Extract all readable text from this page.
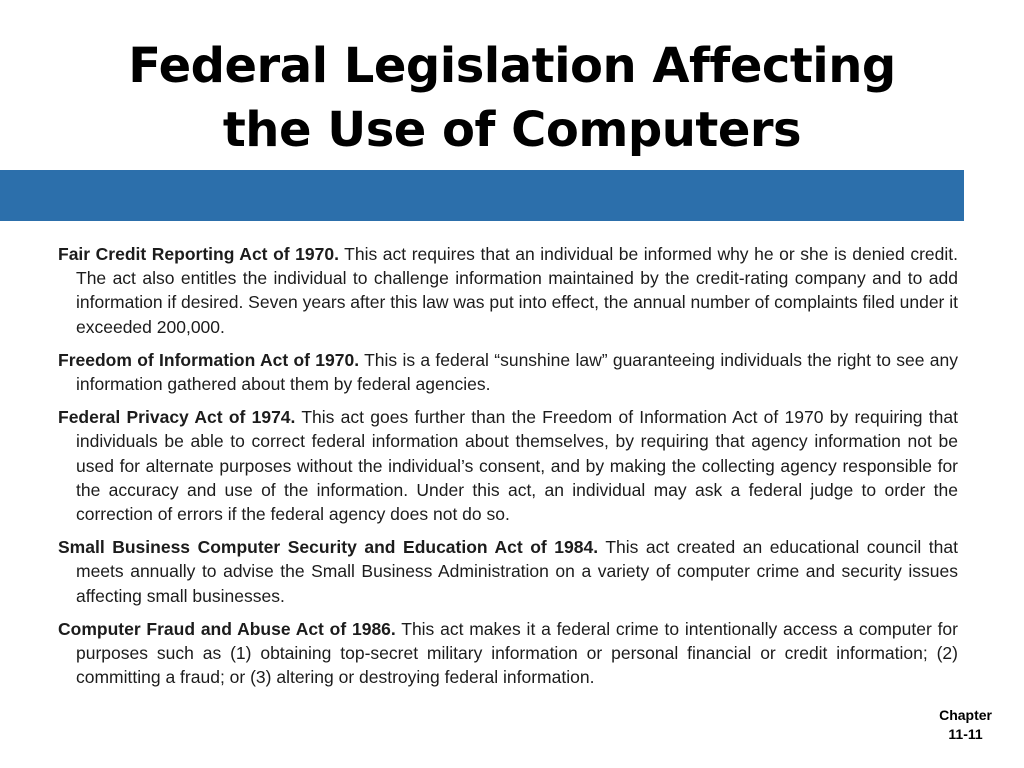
Federal Legislation Affecting
the Use of Computers

Fair Credit Reporting Act of 1970. This act requires that an individual be informed why he or she is denied credit. The act also entitles the individual to challenge information maintained by the credit-rating company and to add information if desired. Seven years after this law was put into effect, the annual number of complaints filed under it exceeded 200,000.

Freedom of Information Act of 1970. This is a federal “sunshine law” guaranteeing individuals the right to see any information gathered about them by federal agencies.

Federal Privacy Act of 1974. This act goes further than the Freedom of Information Act of 1970 by requiring that individuals be able to correct federal information about themselves, by requiring that agency information not be used for alternate purposes without the individual’s consent, and by making the collecting agency responsible for the accuracy and use of the information. Under this act, an individual may ask a federal judge to order the correction of errors if the federal agency does not do so.

Small Business Computer Security and Education Act of 1984. This act created an educational council that meets annually to advise the Small Business Administration on a variety of computer crime and security issues affecting small businesses.

Computer Fraud and Abuse Act of 1986. This act makes it a federal crime to intentionally access a computer for purposes such as (1) obtaining top-secret military information or personal financial or credit information; (2) committing a fraud; or (3) altering or destroying federal information.

Chapter
11-11
